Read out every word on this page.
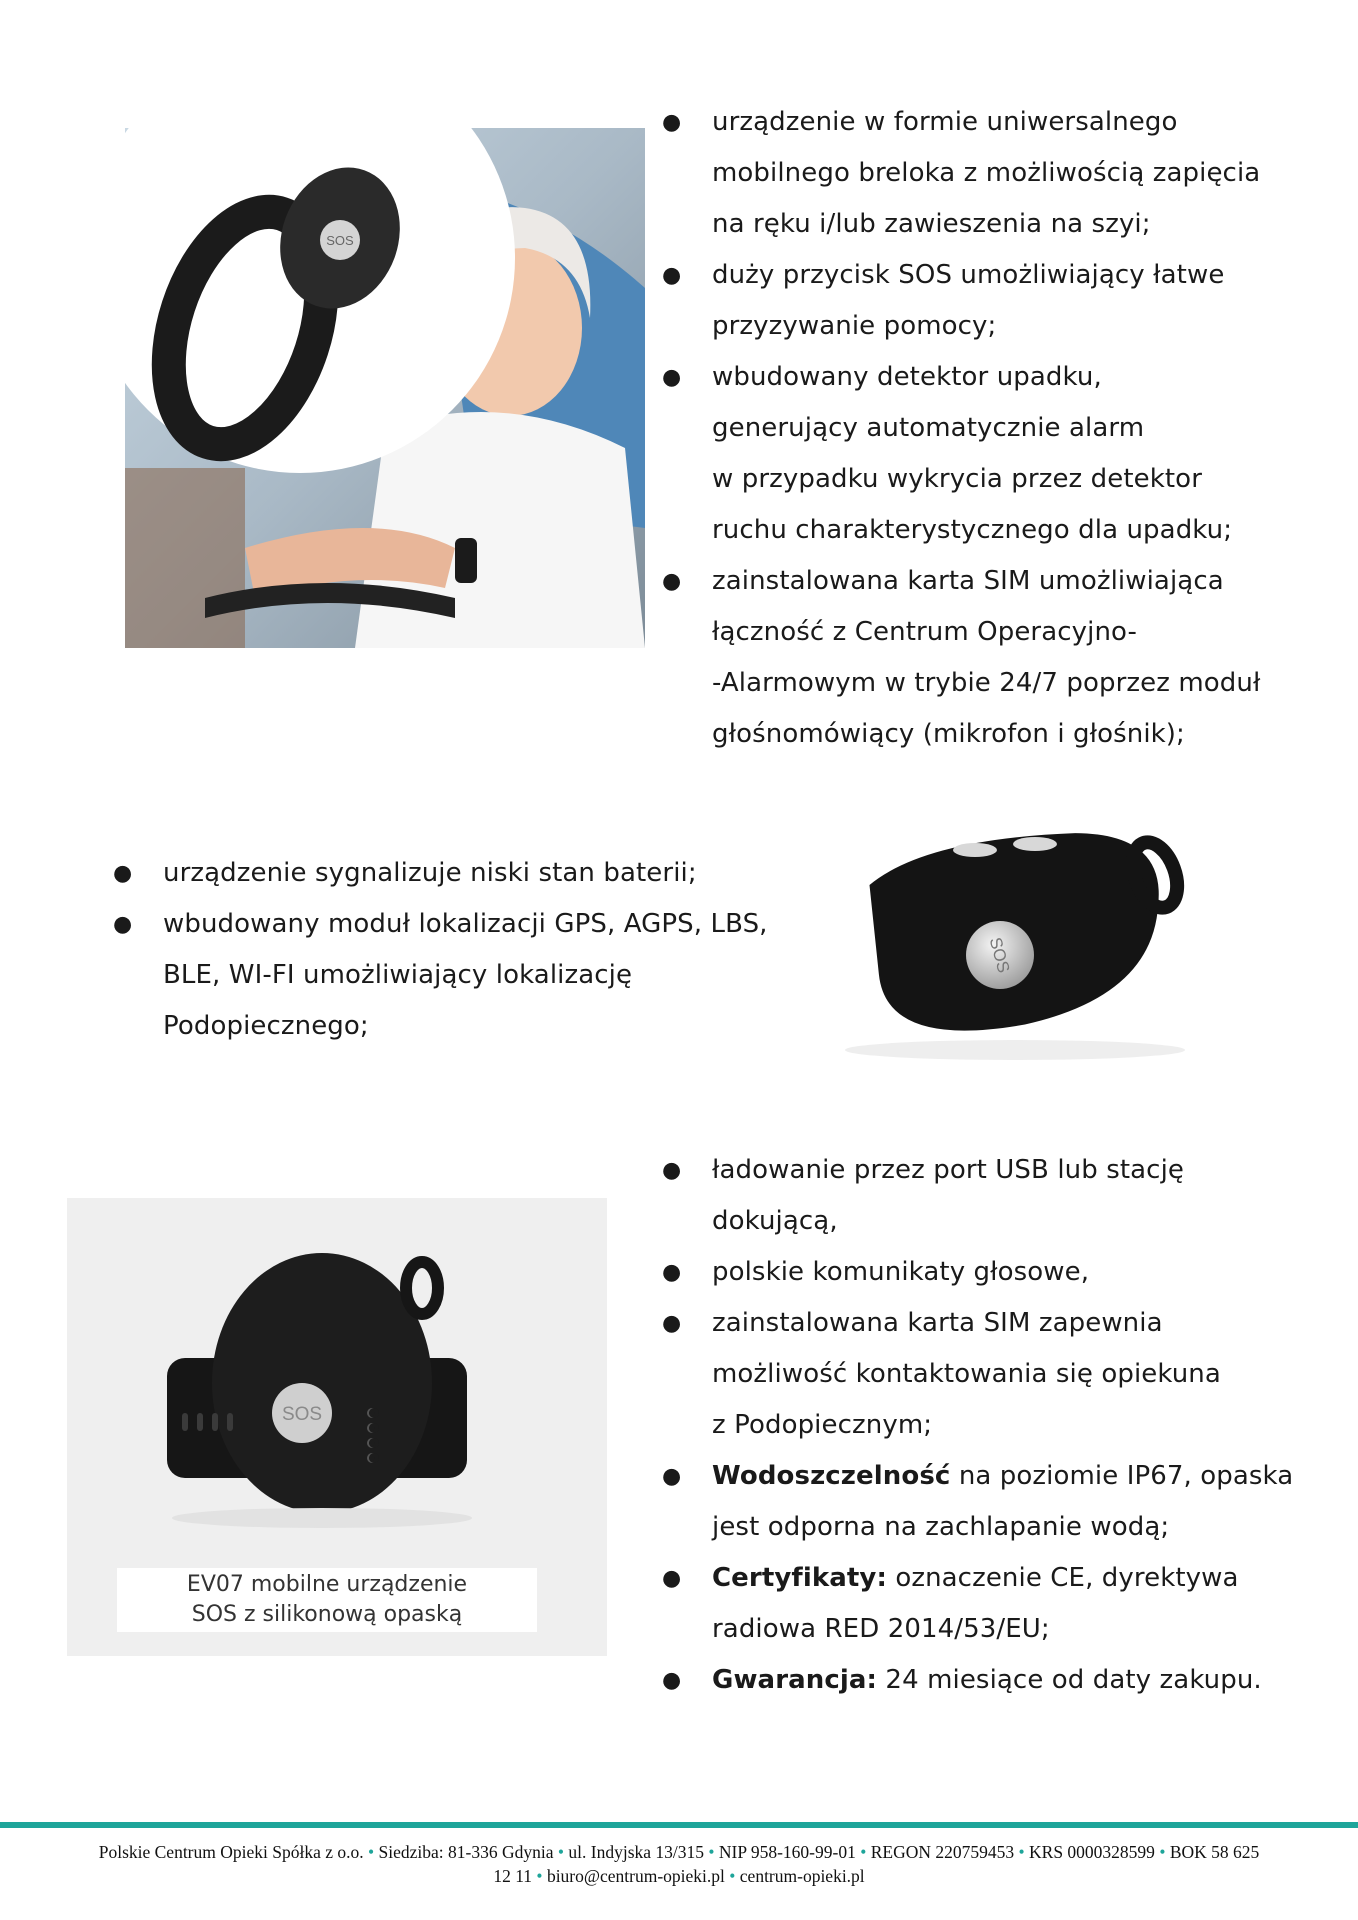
SOS
● urządzenie w formie uniwersalnego
mobilnego breloka z możliwością zapięcia
na ręku i/lub zawieszenia na szyi;
● duży przycisk SOS umożliwiający łatwe
przyzywanie pomocy;
● wbudowany detektor upadku,
generujący automatycznie alarm
w przypadku wykrycia przez detektor
ruchu charakterystycznego dla upadku;
● zainstalowana karta SIM umożliwiająca
łączność z Centrum Operacyjno-
-Alarmowym w trybie 24/7 poprzez moduł
głośnomówiący (mikrofon i głośnik);
● urządzenie sygnalizuje niski stan baterii;
● wbudowany moduł lokalizacji GPS, AGPS, LBS,
BLE, WI-FI umożliwiający lokalizację
Podopiecznego;
SOS
SOS
EV07 mobilne urządzenie
SOS z silikonową opaską
● ładowanie przez port USB lub stację
dokującą,
● polskie komunikaty głosowe,
● zainstalowana karta SIM zapewnia
możliwość kontaktowania się opiekuna
z Podopiecznym;
● Wodoszczelność na poziomie IP67, opaska
jest odporna na zachlapanie wodą;
● Certyfikaty: oznaczenie CE, dyrektywa
radiowa RED 2014/53/EU;
● Gwarancja: 24 miesiące od daty zakupu.
Polskie Centrum Opieki Spółka z o.o. • Siedziba: 81-336 Gdynia • ul. Indyjska 13/315 • NIP 958-160-99-01 • REGON 220759453 • KRS 0000328599 • BOK 58 625
12 11 • biuro@centrum-opieki.pl • centrum-opieki.pl
